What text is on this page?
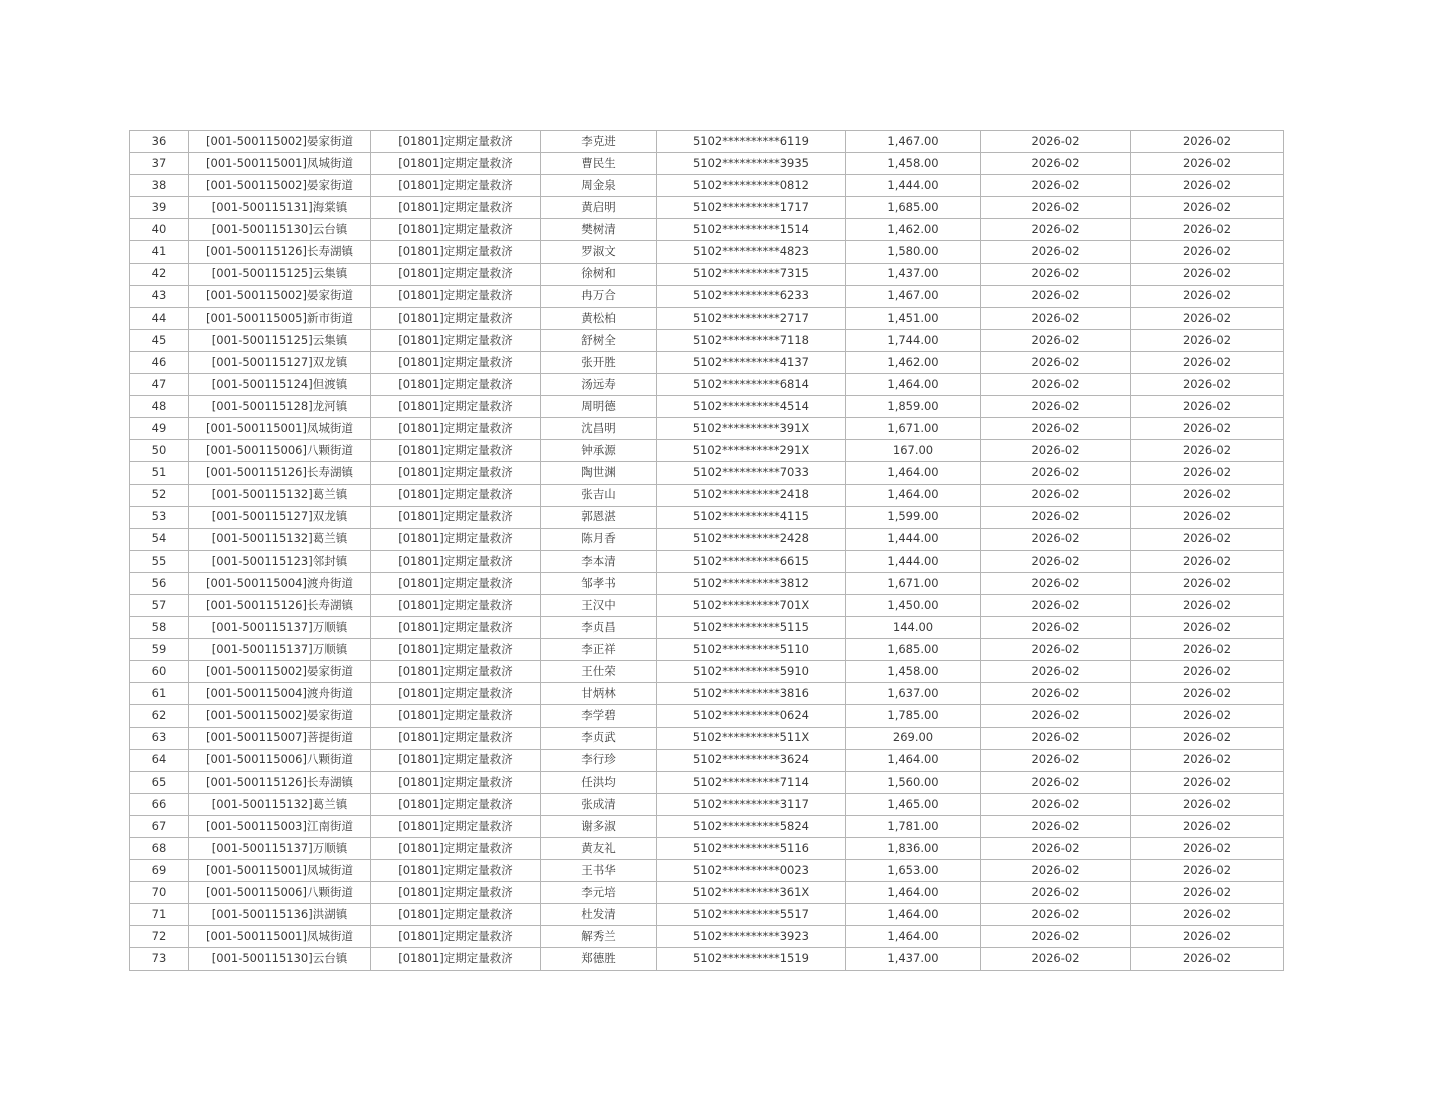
36	[001-500115002]晏家街道	[01801]定期定量救济	李克进	5102**********6119	1,467.00	2026-02	2026-02
37	[001-500115001]凤城街道	[01801]定期定量救济	曹民生	5102**********3935	1,458.00	2026-02	2026-02
38	[001-500115002]晏家街道	[01801]定期定量救济	周金泉	5102**********0812	1,444.00	2026-02	2026-02
39	[001-500115131]海棠镇	[01801]定期定量救济	黄启明	5102**********1717	1,685.00	2026-02	2026-02
40	[001-500115130]云台镇	[01801]定期定量救济	樊树清	5102**********1514	1,462.00	2026-02	2026-02
41	[001-500115126]长寿湖镇	[01801]定期定量救济	罗淑文	5102**********4823	1,580.00	2026-02	2026-02
42	[001-500115125]云集镇	[01801]定期定量救济	徐树和	5102**********7315	1,437.00	2026-02	2026-02
43	[001-500115002]晏家街道	[01801]定期定量救济	冉万合	5102**********6233	1,467.00	2026-02	2026-02
44	[001-500115005]新市街道	[01801]定期定量救济	黄松柏	5102**********2717	1,451.00	2026-02	2026-02
45	[001-500115125]云集镇	[01801]定期定量救济	舒树全	5102**********7118	1,744.00	2026-02	2026-02
46	[001-500115127]双龙镇	[01801]定期定量救济	张开胜	5102**********4137	1,462.00	2026-02	2026-02
47	[001-500115124]但渡镇	[01801]定期定量救济	汤远寿	5102**********6814	1,464.00	2026-02	2026-02
48	[001-500115128]龙河镇	[01801]定期定量救济	周明德	5102**********4514	1,859.00	2026-02	2026-02
49	[001-500115001]凤城街道	[01801]定期定量救济	沈昌明	5102**********391X	1,671.00	2026-02	2026-02
50	[001-500115006]八颗街道	[01801]定期定量救济	钟承源	5102**********291X	167.00	2026-02	2026-02
51	[001-500115126]长寿湖镇	[01801]定期定量救济	陶世渊	5102**********7033	1,464.00	2026-02	2026-02
52	[001-500115132]葛兰镇	[01801]定期定量救济	张吉山	5102**********2418	1,464.00	2026-02	2026-02
53	[001-500115127]双龙镇	[01801]定期定量救济	郭恩湛	5102**********4115	1,599.00	2026-02	2026-02
54	[001-500115132]葛兰镇	[01801]定期定量救济	陈月香	5102**********2428	1,444.00	2026-02	2026-02
55	[001-500115123]邻封镇	[01801]定期定量救济	李本清	5102**********6615	1,444.00	2026-02	2026-02
56	[001-500115004]渡舟街道	[01801]定期定量救济	邹孝书	5102**********3812	1,671.00	2026-02	2026-02
57	[001-500115126]长寿湖镇	[01801]定期定量救济	王汉中	5102**********701X	1,450.00	2026-02	2026-02
58	[001-500115137]万顺镇	[01801]定期定量救济	李贞昌	5102**********5115	144.00	2026-02	2026-02
59	[001-500115137]万顺镇	[01801]定期定量救济	李正祥	5102**********5110	1,685.00	2026-02	2026-02
60	[001-500115002]晏家街道	[01801]定期定量救济	王仕荣	5102**********5910	1,458.00	2026-02	2026-02
61	[001-500115004]渡舟街道	[01801]定期定量救济	甘炳林	5102**********3816	1,637.00	2026-02	2026-02
62	[001-500115002]晏家街道	[01801]定期定量救济	李学碧	5102**********0624	1,785.00	2026-02	2026-02
63	[001-500115007]菩提街道	[01801]定期定量救济	李贞武	5102**********511X	269.00	2026-02	2026-02
64	[001-500115006]八颗街道	[01801]定期定量救济	李行珍	5102**********3624	1,464.00	2026-02	2026-02
65	[001-500115126]长寿湖镇	[01801]定期定量救济	任洪均	5102**********7114	1,560.00	2026-02	2026-02
66	[001-500115132]葛兰镇	[01801]定期定量救济	张成清	5102**********3117	1,465.00	2026-02	2026-02
67	[001-500115003]江南街道	[01801]定期定量救济	谢多淑	5102**********5824	1,781.00	2026-02	2026-02
68	[001-500115137]万顺镇	[01801]定期定量救济	黄友礼	5102**********5116	1,836.00	2026-02	2026-02
69	[001-500115001]凤城街道	[01801]定期定量救济	王书华	5102**********0023	1,653.00	2026-02	2026-02
70	[001-500115006]八颗街道	[01801]定期定量救济	李元培	5102**********361X	1,464.00	2026-02	2026-02
71	[001-500115136]洪湖镇	[01801]定期定量救济	杜发清	5102**********5517	1,464.00	2026-02	2026-02
72	[001-500115001]凤城街道	[01801]定期定量救济	解秀兰	5102**********3923	1,464.00	2026-02	2026-02
73	[001-500115130]云台镇	[01801]定期定量救济	郑德胜	5102**********1519	1,437.00	2026-02	2026-02
